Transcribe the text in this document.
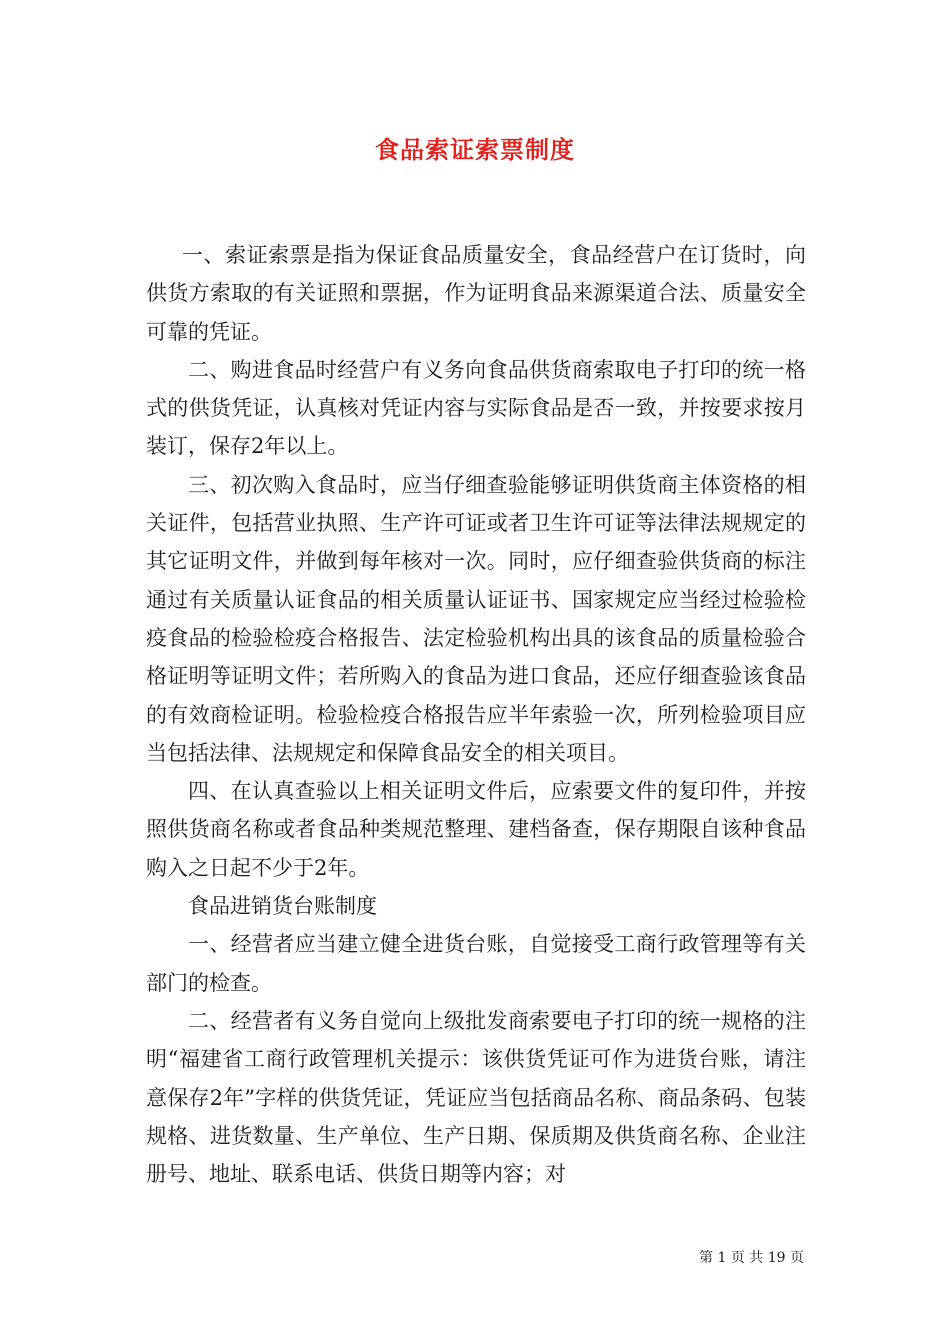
食品索证索票制度

一、索证索票是指为保证食品质量安全，食品经营户在订货时，向供货方索取的有关证照和票据，作为证明食品来源渠道合法、质量安全可靠的凭证。

二、购进食品时经营户有义务向食品供货商索取电子打印的统一格式的供货凭证，认真核对凭证内容与实际食品是否一致，并按要求按月装订，保存2年以上。

三、初次购入食品时，应当仔细查验能够证明供货商主体资格的相关证件，包括营业执照、生产许可证或者卫生许可证等法律法规规定的其它证明文件，并做到每年核对一次。同时，应仔细查验供货商的标注通过有关质量认证食品的相关质量认证证书、国家规定应当经过检验检疫食品的检验检疫合格报告、法定检验机构出具的该食品的质量检验合格证明等证明文件；若所购入的食品为进口食品，还应仔细查验该食品的有效商检证明。检验检疫合格报告应半年索验一次，所列检验项目应当包括法律、法规规定和保障食品安全的相关项目。

四、在认真查验以上相关证明文件后，应索要文件的复印件，并按照供货商名称或者食品种类规范整理、建档备查，保存期限自该种食品购入之日起不少于2年。

食品进销货台账制度

一、经营者应当建立健全进货台账，自觉接受工商行政管理等有关部门的检查。

二、经营者有义务自觉向上级批发商索要电子打印的统一规格的注明“福建省工商行政管理机关提示：该供货凭证可作为进货台账，请注意保存2年”字样的供货凭证，凭证应当包括商品名称、商品条码、包装规格、进货数量、生产单位、生产日期、保质期及供货商名称、企业注册号、地址、联系电话、供货日期等内容；对

第 1 页 共 19 页
